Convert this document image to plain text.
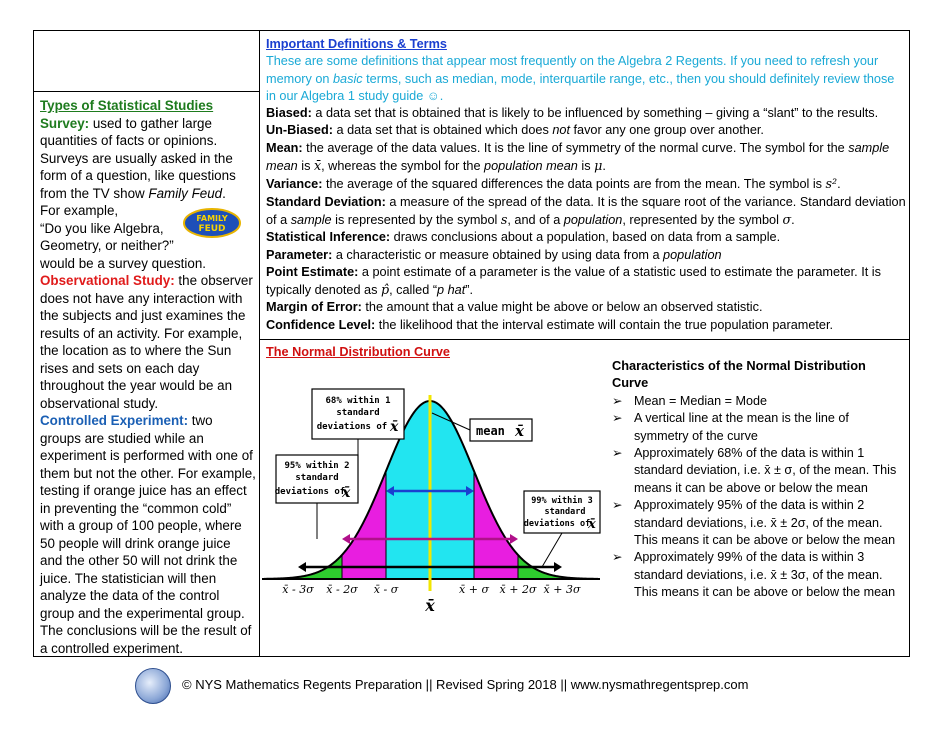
Types of Statistical Studies

Survey: used to gather large quantities of facts or opinions. Surveys are usually asked in the form of a question, like questions from the TV show Family Feud.

For example,

“Do you like Algebra,

Geometry, or neither?”

would be a survey question.

Observational Study: the observer does not have any interaction with the subjects and just examines the results of an activity. For example, the location as to where the Sun rises and sets on each day throughout the year would be an observational study.

Controlled Experiment: two groups are studied while an experiment is performed with one of them but not the other. For example, testing if orange juice has an effect in preventing the “common cold” with a group of 100 people, where 50 people will drink orange juice and the other 50 will not drink the juice. The statistician will then analyze the data of the control group and the experimental group. The conclusions will be the result of a controlled experiment.

FAMILY
FEUD

Important Definitions & Terms

These are some definitions that appear most frequently on the Algebra 2 Regents. If you need to refresh your memory on basic terms, such as median, mode, interquartile range, etc., then you should definitely review those in our Algebra 1 study guide ☺.

Biased: a data set that is obtained that is likely to be influenced by something – giving a “slant” to the results.

Un-Biased: a data set that is obtained which does not favor any one group over another.

Mean: the average of the data values. It is the line of symmetry of the normal curve. The symbol for the sample mean is x̄, whereas the symbol for the population mean is μ.

Variance: the average of the squared differences the data points are from the mean. The symbol is s².

Standard Deviation: a measure of the spread of the data. It is the square root of the variance. Standard deviation of a sample is represented by the symbol s, and of a population, represented by the symbol σ.

Statistical Inference: draws conclusions about a population, based on data from a sample.

Parameter: a characteristic or measure obtained by using data from a population

Point Estimate: a point estimate of a parameter is the value of a statistic used to estimate the parameter. It is typically denoted as p̂, called “p hat”.

Margin of Error: the amount that a value might be above or below an observed statistic.

Confidence Level: the likelihood that the interval estimate will contain the true population parameter.

The Normal Distribution Curve
x̄ - 3σ x̄ - 2σ x̄ - σ	x̄ + σ x̄ + 2σ x̄ + 3σ
x̄
68% within 1
standard
deviations of x̄	mean x̄
95% within 2
standard
deviations of
x̄	99% within 3
standard
deviations of
x̄
Characteristics of the Normal Distribution Curve
➢ Mean = Median = Mode
➢ A vertical line at the mean is the line of symmetry of the curve
➢ Approximately 68% of the data is within 1 standard deviation, i.e. x̄ ± σ, of the mean. This means it can be above or below the mean
➢ Approximately 95% of the data is within 2 standard deviations, i.e. x̄ ± 2σ, of the mean. This means it can be above or below the mean
➢ Approximately 99% of the data is within 3 standard deviations, i.e. x̄ ± 3σ, of the mean. This means it can be above or below the mean
© NYS Mathematics Regents Preparation || Revised Spring 2018 || www.nysmathregentsprep.com
